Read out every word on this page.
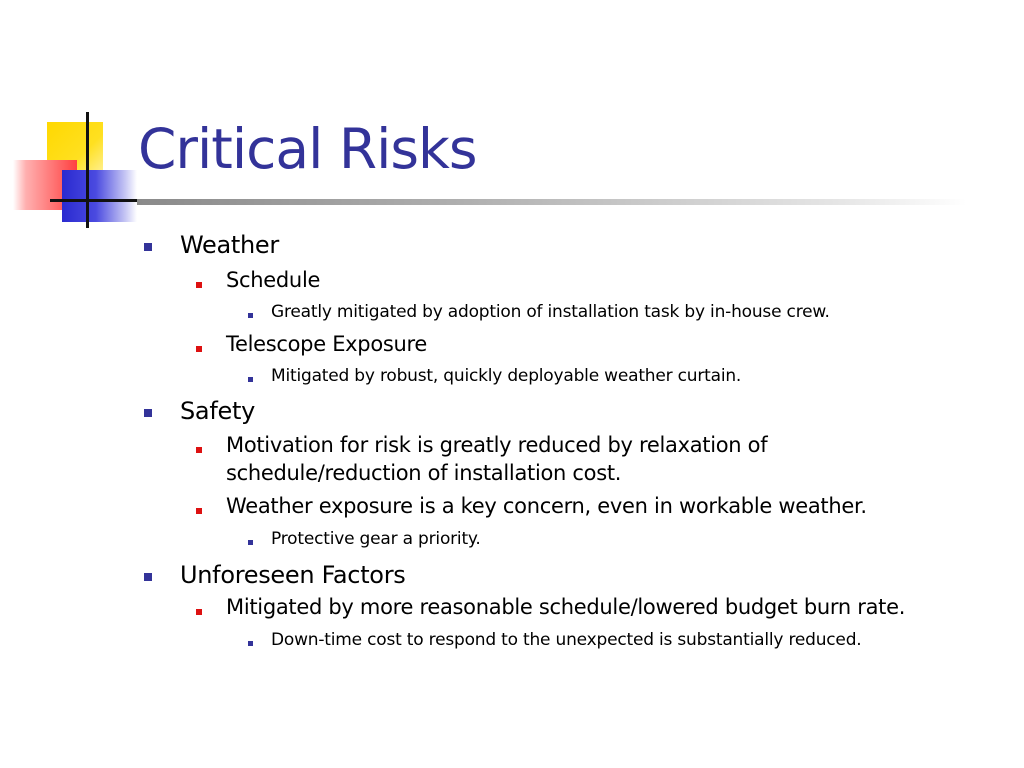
Critical Risks
Weather
Schedule
Greatly mitigated by adoption of installation task by in-house crew.
Telescope Exposure
Mitigated by robust, quickly deployable weather curtain.
Safety
Motivation for risk is greatly reduced by relaxation of
schedule/reduction of installation cost.
Weather exposure is a key concern, even in workable weather.
Protective gear a priority.
Unforeseen Factors
Mitigated by more reasonable schedule/lowered budget burn rate.
Down-time cost to respond to the unexpected is substantially reduced.
